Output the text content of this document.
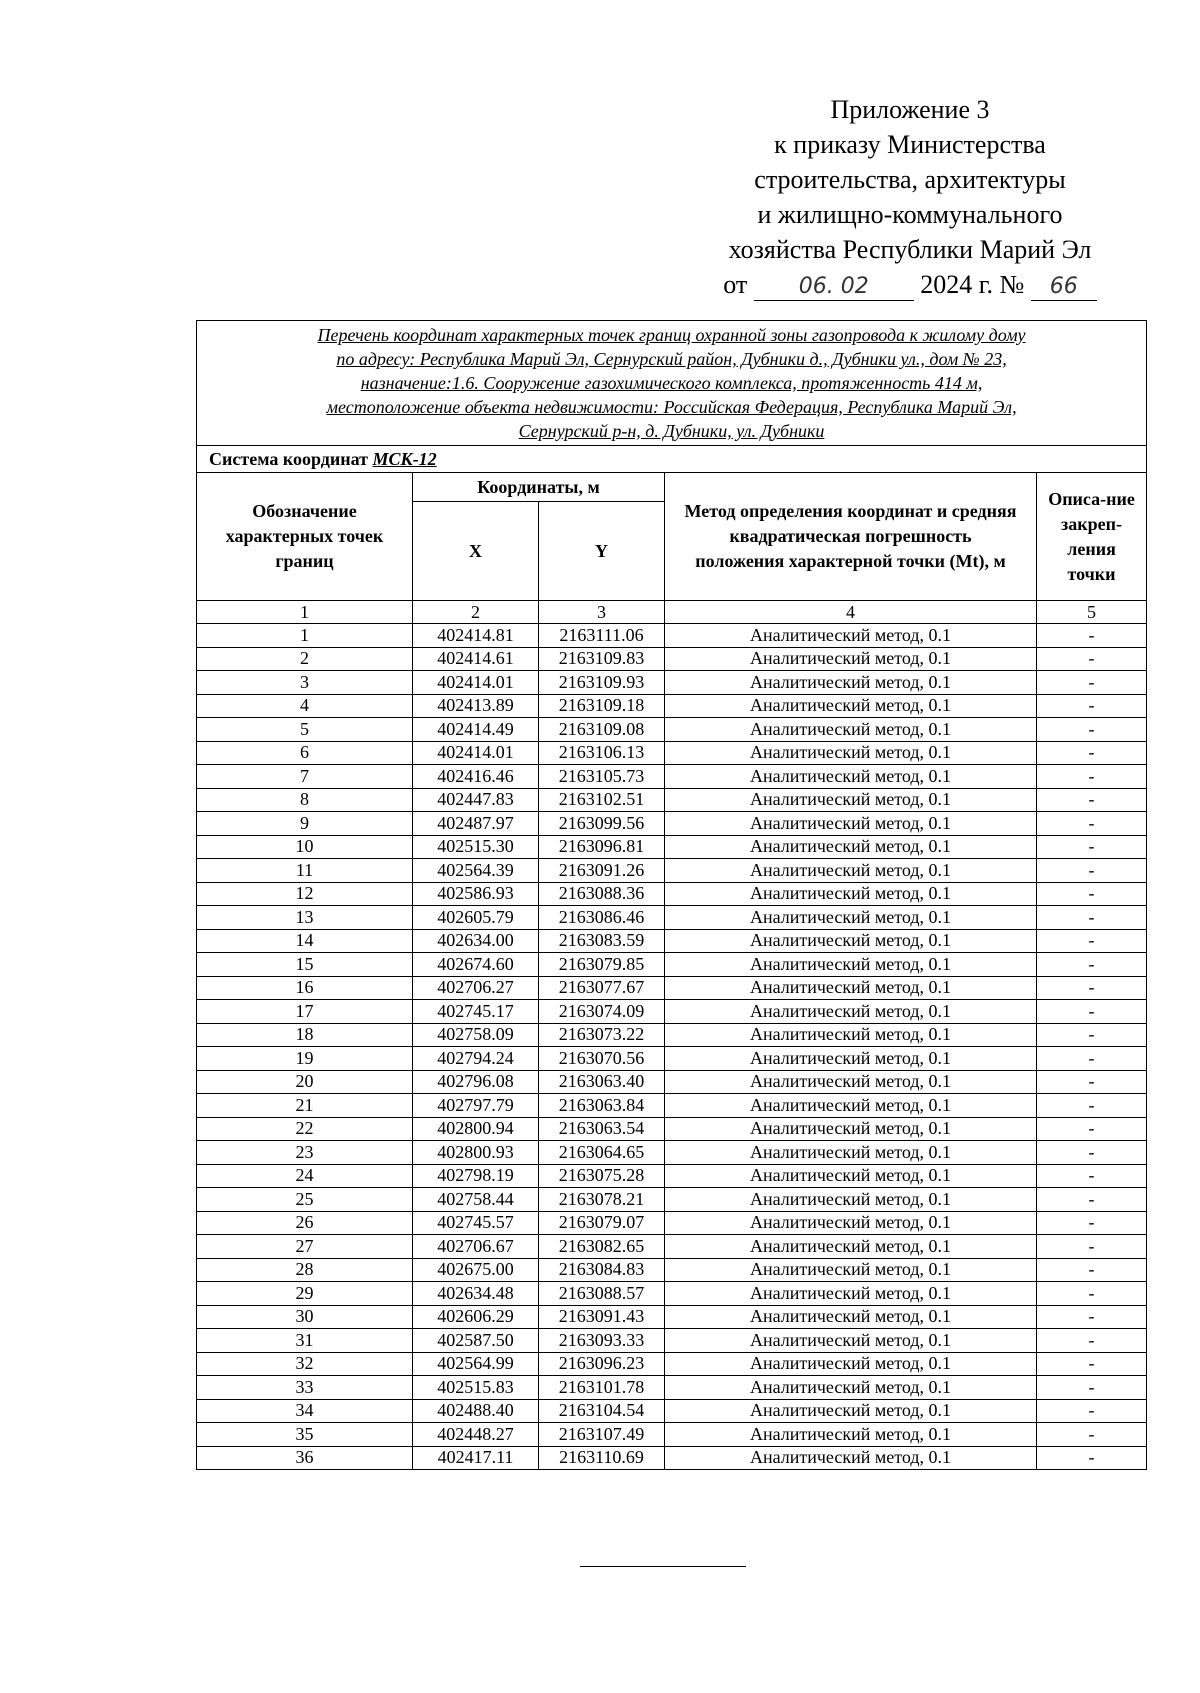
Приложение 3
к приказу Министерства
строительства, архитектуры
и жилищно-коммунального
хозяйства Республики Марий Эл
от 06. 02 2024 г. № 66
Перечень координат характерных точек границ охранной зоны газопровода к жилому дому
по адресу: Республика Марий Эл, Сернурский район, Дубники д., Дубники ул., дом № 23,
назначение:1.6. Сооружение газохимического комплекса, протяженность 414 м,
местоположение объекта недвижимости: Российская Федерация, Республика Марий Эл,
Сернурский р-н, д. Дубники, ул. Дубники				

Система координат МСК-12				
Обозначение характерных точек границ	Координаты, м		Метод определения координат и средняя квадратическая погрешность положения характерной точки (Mt), м	Описа-ние закреп-ления точки
	X	Y		
1	2	3	4	5
1	402414.81	2163111.06	Аналитический метод, 0.1	-
2	402414.61	2163109.83	Аналитический метод, 0.1	-
3	402414.01	2163109.93	Аналитический метод, 0.1	-
4	402413.89	2163109.18	Аналитический метод, 0.1	-
5	402414.49	2163109.08	Аналитический метод, 0.1	-
6	402414.01	2163106.13	Аналитический метод, 0.1	-
7	402416.46	2163105.73	Аналитический метод, 0.1	-
8	402447.83	2163102.51	Аналитический метод, 0.1	-
9	402487.97	2163099.56	Аналитический метод, 0.1	-
10	402515.30	2163096.81	Аналитический метод, 0.1	-
11	402564.39	2163091.26	Аналитический метод, 0.1	-
12	402586.93	2163088.36	Аналитический метод, 0.1	-
13	402605.79	2163086.46	Аналитический метод, 0.1	-
14	402634.00	2163083.59	Аналитический метод, 0.1	-
15	402674.60	2163079.85	Аналитический метод, 0.1	-
16	402706.27	2163077.67	Аналитический метод, 0.1	-
17	402745.17	2163074.09	Аналитический метод, 0.1	-
18	402758.09	2163073.22	Аналитический метод, 0.1	-
19	402794.24	2163070.56	Аналитический метод, 0.1	-
20	402796.08	2163063.40	Аналитический метод, 0.1	-
21	402797.79	2163063.84	Аналитический метод, 0.1	-
22	402800.94	2163063.54	Аналитический метод, 0.1	-
23	402800.93	2163064.65	Аналитический метод, 0.1	-
24	402798.19	2163075.28	Аналитический метод, 0.1	-
25	402758.44	2163078.21	Аналитический метод, 0.1	-
26	402745.57	2163079.07	Аналитический метод, 0.1	-
27	402706.67	2163082.65	Аналитический метод, 0.1	-
28	402675.00	2163084.83	Аналитический метод, 0.1	-
29	402634.48	2163088.57	Аналитический метод, 0.1	-
30	402606.29	2163091.43	Аналитический метод, 0.1	-
31	402587.50	2163093.33	Аналитический метод, 0.1	-
32	402564.99	2163096.23	Аналитический метод, 0.1	-
33	402515.83	2163101.78	Аналитический метод, 0.1	-
34	402488.40	2163104.54	Аналитический метод, 0.1	-
35	402448.27	2163107.49	Аналитический метод, 0.1	-
36	402417.11	2163110.69	Аналитический метод, 0.1	-
